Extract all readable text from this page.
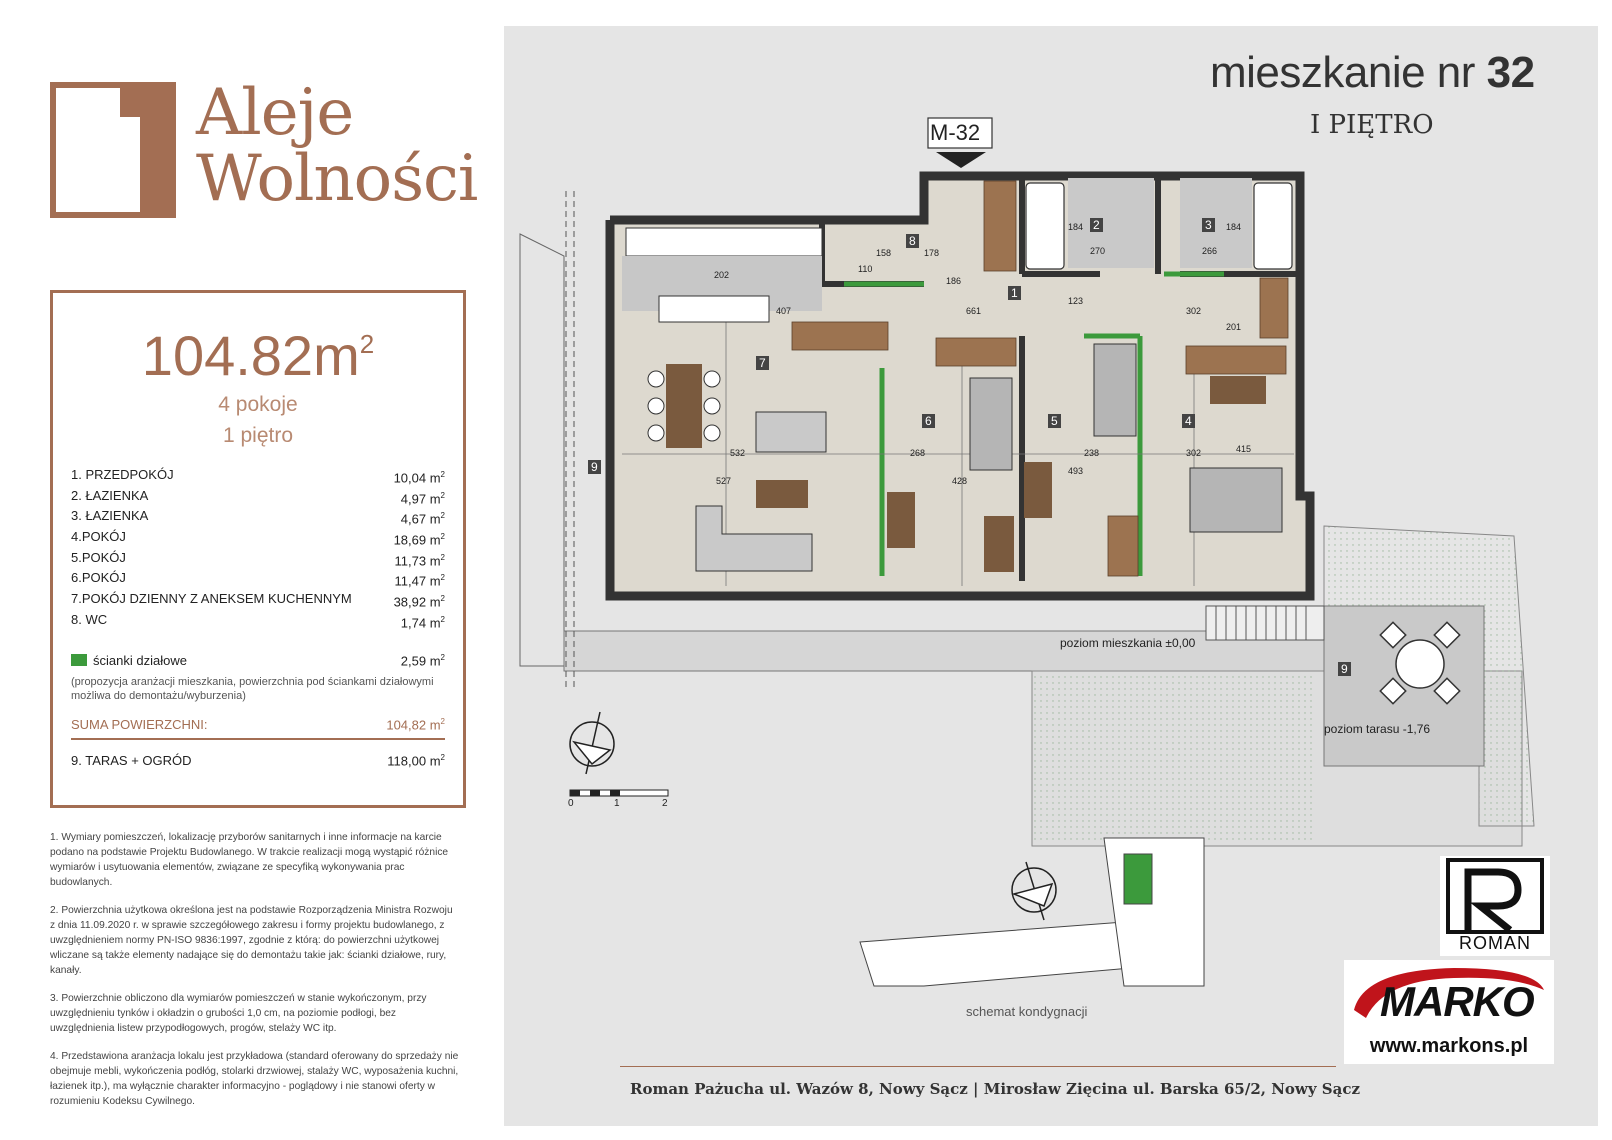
Aleje
Wolności
$104.82m^2$
4 pokoje
1 piętro
1. PRZEDPOKÓJ	10,04 $m^2$
2. ŁAZIENKA	4,97 $m^2$
3. ŁAZIENKA	4,67 $m^2$
4.POKÓJ	18,69 $m^2$
5.POKÓJ	11,73 $m^2$
6.POKÓJ	11,47 $m^2$
7.POKÓJ DZIENNY Z ANEKSEM KUCHENNYM	38,92 $m^2$
8. WC	1,74 $m^2$
ścianki działowe	2,59 $m^2$
(propozycja aranżacji mieszkania, powierzchnia pod ściankami działowymi możliwa do demontażu/wyburzenia)
SUMA POWIERZCHNI:	104,82 $m^2$
9. TARAS + OGRÓD	118,00 $m^2$

1. Wymiary pomieszczeń, lokalizację przyborów sanitarnych i inne informacje na karcie podano na podstawie Projektu Budowlanego. W trakcie realizacji mogą wystąpić różnice wymiarów i usytuowania elementów, związane ze specyfiką wykonywania prac budowlanych.

2. Powierzchnia użytkowa określona jest na podstawie Rozporządzenia Ministra Rozwoju z dnia 11.09.2020 r. w sprawie szczegółowego zakresu i formy projektu budowlanego, z uwzględnieniem normy PN-ISO 9836:1997, zgodnie z którą: do powierzchni użytkowej wliczane są także elementy nadające się do demontażu takie jak: ścianki działowe, rury, kanały.

3. Powierzchnie obliczono dla wymiarów pomieszczeń w stanie wykończonym, przy uwzględnieniu tynków i okładzin o grubości 1,0 cm, na poziomie podłogi, bez uwzględnienia listew przypodłogowych, progów, stelaży WC itp.

4. Przedstawiona aranżacja lokalu jest przykładowa (standard oferowany do sprzedaży nie obejmuje mebli, wykończenia podłóg, stolarki drzwiowej, stalaży WC, wyposażenia kuchni, łazienek itp.), ma wyłącznie charakter informacyjno - poglądowy i nie stanowi oferty w rozumieniu Kodeksu Cywilnego.

M-32
1
2	3
4
5
6
7
8
9
9
158	178
110
202
407
186
661
184
270
123
302
184
266
201
532
527
268
428
493
238	302	415
poziom mieszkania ±0,00
poziom tarasu -1,76
0	1	2
schemat kondygnacji
mieszkanie nr 32
I PIĘTRO
ROMAN
MARKO
www.markons.pl
Roman Pażucha ul. Wazów 8, Nowy Sącz | Mirosław Zięcina ul. Barska 65/2, Nowy Sącz
